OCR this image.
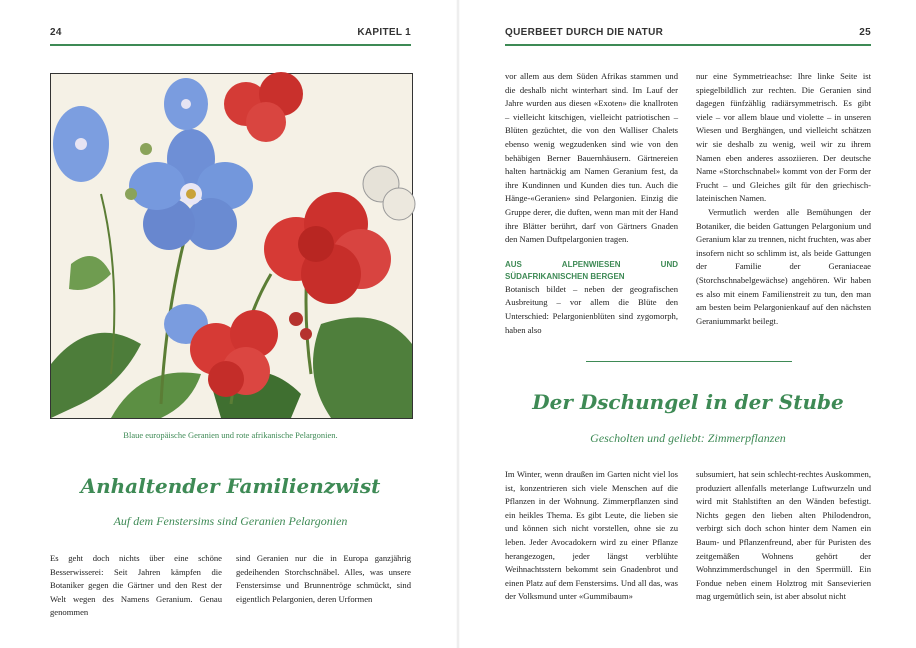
24	KAPITEL 1
Blaue europäische Geranien und rote afrikanische Pelargonien.
Anhaltender Familienzwist
Auf dem Fenstersims sind Geranien Pelargonien

Es geht doch nichts über eine schöne Besserwisserei: Seit Jahren kämpfen die Botaniker gegen die Gärtner und den Rest der Welt wegen des Namens Geranium. Genau genommen

sind Geranien nur die in Europa ganzjährig gedeihenden Storchschnäbel. Alles, was unsere Fenstersimse und Brunnentröge schmückt, sind eigentlich Pelargonien, deren Urformen

QUERBEET DURCH DIE NATUR	25

vor allem aus dem Süden Afrikas stammen und die deshalb nicht winterhart sind. Im Lauf der Jahre wurden aus diesen «Exoten» die knallroten – vielleicht kitschigen, vielleicht patriotischen – Blüten gezüchtet, die von den Walliser Chalets ebenso wenig wegzudenken sind wie von den behäbigen Berner Bauernhäusern. Gärtnereien halten hartnäckig am Namen Geranium fest, da ihre Kundinnen und Kunden dies tun. Auch die Hänge-«Geranien» sind Pelargonien. Einzig die Gruppe derer, die duften, wenn man mit der Hand ihre Blätter berührt, darf von Gärtners Gnaden den Namen Duftpelargonien tragen.

AUS ALPENWIESEN UND SÜDAFRIKANISCHEN BERGEN

Botanisch bildet – neben der geografischen Ausbreitung – vor allem die Blüte den Unterschied: Pelargonienblüten sind zygomorph, haben also

nur eine Symmetrieachse: Ihre linke Seite ist spiegelbildlich zur rechten. Die Geranien sind dagegen fünfzählig radiärsymmetrisch. Es gibt viele – vor allem blaue und violette – in unseren Wiesen und Berghängen, und vielleicht schätzen wir sie deshalb zu wenig, weil wir zu ihrem Namen eben anderes assoziieren. Der deutsche Name «Storchschnabel» kommt von der Form der Frucht – und Gleiches gilt für den griechisch-lateinischen Namen.

Vermutlich werden alle Bemühungen der Botaniker, die beiden Gattungen Pelargonium und Geranium klar zu trennen, nicht fruchten, was aber insofern nicht so schlimm ist, als beide Gattungen der Familie der Geraniaceae (Storchschnabelgewächse) angehören. Wir haben es also mit einem Familienstreit zu tun, den man am besten beim Pelargonienkauf auf den nächsten Geraniummarkt beilegt.

Der Dschungel in der Stube
Gescholten und geliebt: Zimmerpflanzen

Im Winter, wenn draußen im Garten nicht viel los ist, konzentrieren sich viele Menschen auf die Pflanzen in der Wohnung. Zimmerpflanzen sind ein heikles Thema. Es gibt Leute, die lieben sie und können sich nicht vorstellen, ohne sie zu leben. Jeder Avocadokern wird zu einer Pflanze herangezogen, jeder längst verblühte Weihnachtsstern bekommt sein Gnadenbrot und einen Platz auf dem Fenstersims. Und all das, was der Volksmund unter «Gummibaum»

subsumiert, hat sein schlecht-rechtes Auskommen, produziert allenfalls meterlange Luftwurzeln und wird mit Stahlstiften an den Wänden befestigt. Nichts gegen den lieben alten Philodendron, verbirgt sich doch schon hinter dem Namen ein Baum- und Pflanzenfreund, aber für Puristen des zeitgemäßen Wohnens gehört der Wohnzimmerdschungel in den Sperrmüll. Ein Fondue neben einem Holztrog mit Sansevierien mag urgemütlich sein, ist aber absolut nicht
